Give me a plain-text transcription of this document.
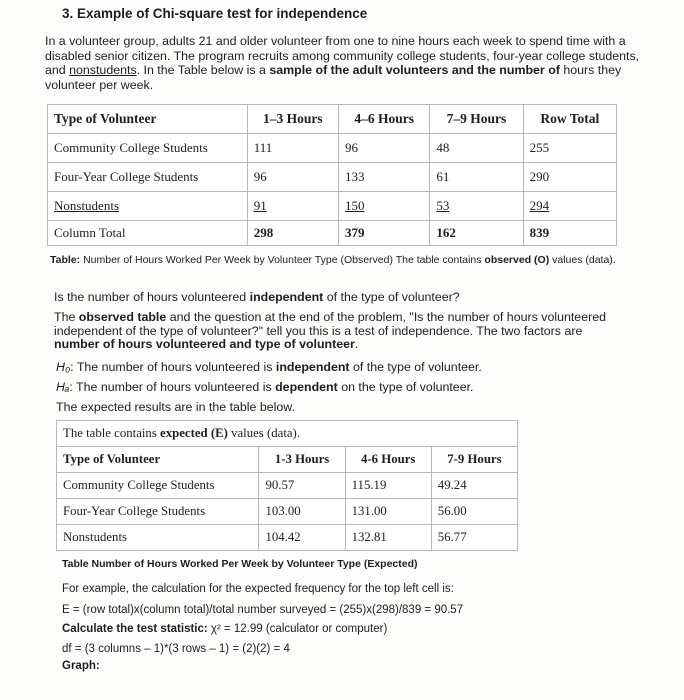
3. Example of Chi-square test for independence
In a volunteer group, adults 21 and older volunteer from one to nine hours each week to spend time with a disabled senior citizen. The program recruits among community college students, four-year college students, and nonstudents. In the Table below is a sample of the adult volunteers and the number of hours they volunteer per week.
Type of Volunteer	1–3 Hours	4–6 Hours	7–9 Hours	Row Total
Community College Students	111	96	48	255
Four-Year College Students	96	133	61	290
Nonstudents	91	150	53	294
Column Total	298	379	162	839
Table: Number of Hours Worked Per Week by Volunteer Type (Observed) The table contains observed (O) values (data).
Is the number of hours volunteered independent of the type of volunteer?
The observed table and the question at the end of the problem, "Is the number of hours volunteered independent of the type of volunteer?" tell you this is a test of independence. The two factors are number of hours volunteered and type of volunteer.
H₀: The number of hours volunteered is independent of the type of volunteer.
Hₐ: The number of hours volunteered is dependent on the type of volunteer.
The expected results are in the table below.
The table contains expected (E) values (data).			
Type of Volunteer	1-3 Hours	4-6 Hours	7-9 Hours
Community College Students	90.57	115.19	49.24
Four-Year College Students	103.00	131.00	56.00
Nonstudents	104.42	132.81	56.77
Table Number of Hours Worked Per Week by Volunteer Type (Expected)
For example, the calculation for the expected frequency for the top left cell is:
E = (row total)x(column total)/total number surveyed = (255)x(298)/839 = 90.57
Calculate the test statistic: χ² = 12.99 (calculator or computer)
df = (3 columns – 1)*(3 rows – 1) = (2)(2) = 4
Graph:
